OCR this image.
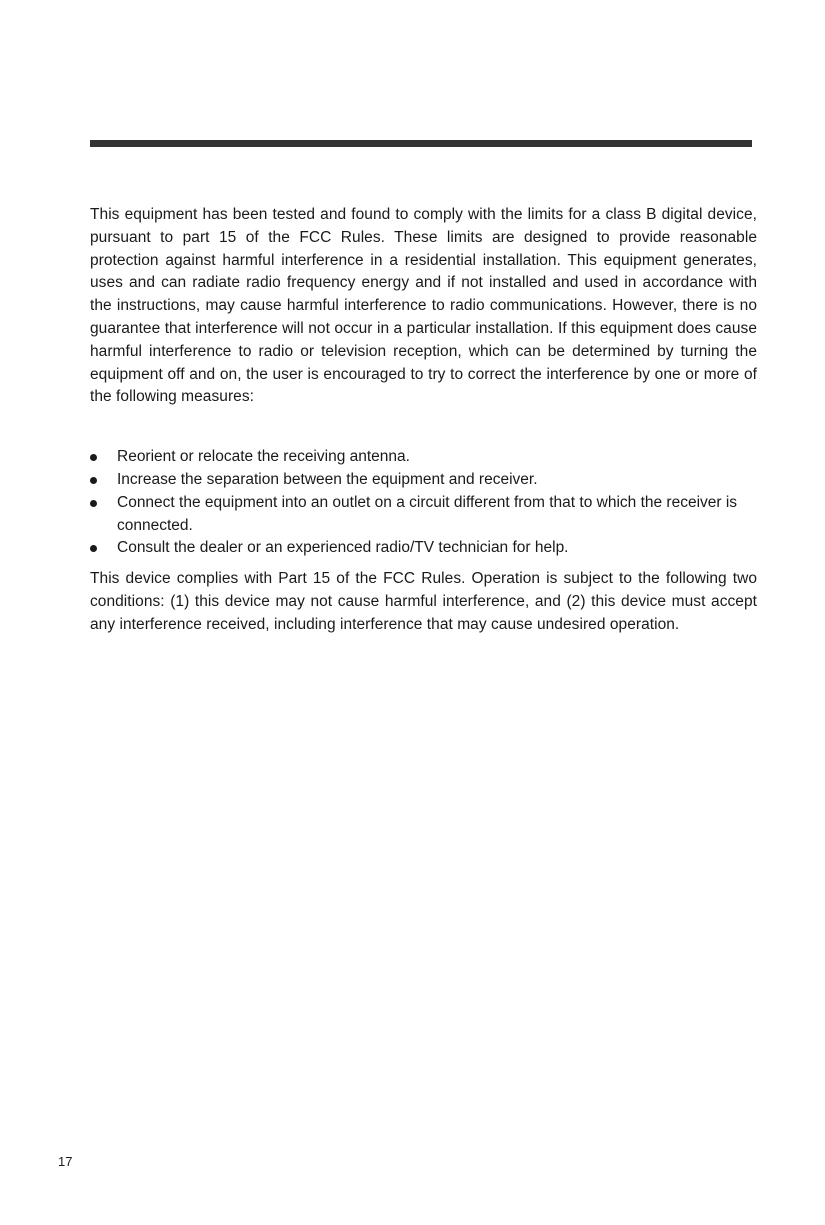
This equipment has been tested and found to comply with the limits for a class B digital device, pursuant to part 15 of the FCC Rules. These limits are designed to provide reasonable protection against harmful interference in a residential installation. This equipment generates, uses and can radiate radio frequency energy and if not installed and used in accordance with the instructions, may cause harmful interference to radio communications. However, there is no guarantee that interference will not occur in a particular installation. If this equipment does cause harmful interference to radio or television reception, which can be determined by turning the equipment off and on, the user is encouraged to try to correct the interference by one or more of the following measures:

Reorient or relocate the receiving antenna.
Increase the separation between the equipment and receiver.
Connect the equipment into an outlet on a circuit different from that to which the receiver is connected.
Consult the dealer or an experienced radio/TV technician for help.

This device complies with Part 15 of the FCC Rules. Operation is subject to the following two conditions: (1) this device may not cause harmful interference, and (2) this device must accept any interference received, including interference that may cause undesired operation.

17
